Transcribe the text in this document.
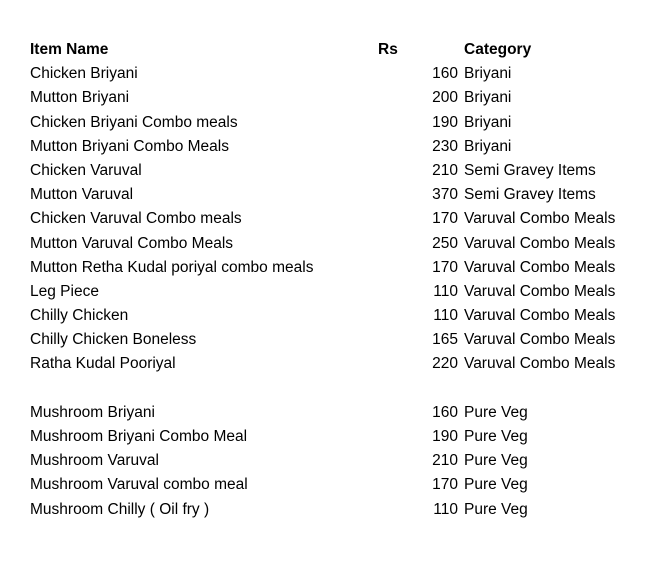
Item Name	Rs	Category
Chicken Briyani	160 Briyani
Mutton Briyani	200 Briyani
Chicken Briyani Combo meals	190 Briyani
Mutton Briyani Combo Meals	230 Briyani
Chicken Varuval	210 Semi Gravey Items
Mutton Varuval	370 Semi Gravey Items
Chicken Varuval Combo meals	170 Varuval Combo Meals
Mutton Varuval Combo Meals	250 Varuval Combo Meals
Mutton Retha Kudal poriyal combo meals	170 Varuval Combo Meals
Leg Piece	110 Varuval Combo Meals
Chilly Chicken	110 Varuval Combo Meals
Chilly Chicken Boneless	165 Varuval Combo Meals
Ratha Kudal Pooriyal	220 Varuval Combo Meals
Mushroom Briyani	160 Pure Veg
Mushroom Briyani Combo Meal	190 Pure Veg
Mushroom Varuval	210 Pure Veg
Mushroom Varuval combo meal	170 Pure Veg
Mushroom Chilly ( Oil fry )	110 Pure Veg
